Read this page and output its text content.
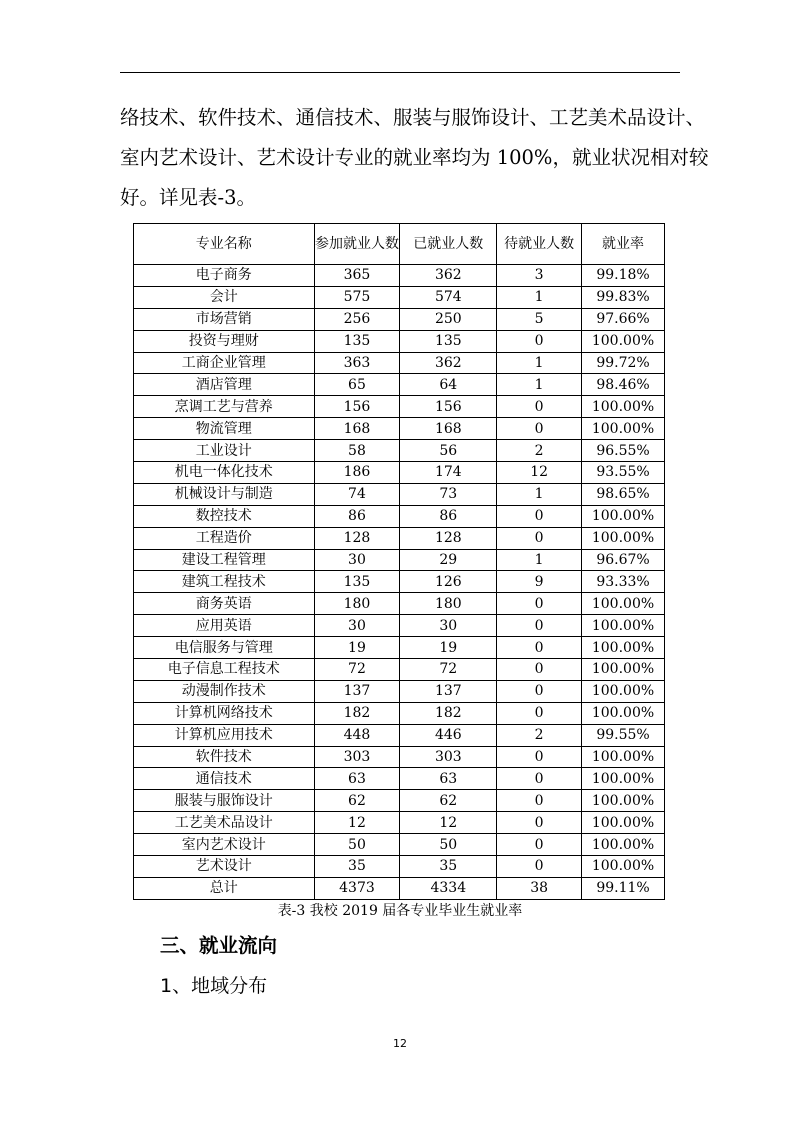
络技术、软件技术、通信技术、服装与服饰设计、工艺美术品设计、
室内艺术设计、艺术设计专业的就业率均为 100%，就业状况相对较
好。详见表-3。
专业名称	参加就业人数	已就业人数	待就业人数	就业率
电子商务	365	362	3	99.18%
会计	575	574	1	99.83%
市场营销	256	250	5	97.66%
投资与理财	135	135	0	100.00%
工商企业管理	363	362	1	99.72%
酒店管理	65	64	1	98.46%
烹调工艺与营养	156	156	0	100.00%
物流管理	168	168	0	100.00%
工业设计	58	56	2	96.55%
机电一体化技术	186	174	12	93.55%
机械设计与制造	74	73	1	98.65%
数控技术	86	86	0	100.00%
工程造价	128	128	0	100.00%
建设工程管理	30	29	1	96.67%
建筑工程技术	135	126	9	93.33%
商务英语	180	180	0	100.00%
应用英语	30	30	0	100.00%
电信服务与管理	19	19	0	100.00%
电子信息工程技术	72	72	0	100.00%
动漫制作技术	137	137	0	100.00%
计算机网络技术	182	182	0	100.00%
计算机应用技术	448	446	2	99.55%
软件技术	303	303	0	100.00%
通信技术	63	63	0	100.00%
服装与服饰设计	62	62	0	100.00%
工艺美术品设计	12	12	0	100.00%
室内艺术设计	50	50	0	100.00%
艺术设计	35	35	0	100.00%
总计	4373	4334	38	99.11%
表-3 我校 2019 届各专业毕业生就业率
三、就业流向
1、地域分布
12
